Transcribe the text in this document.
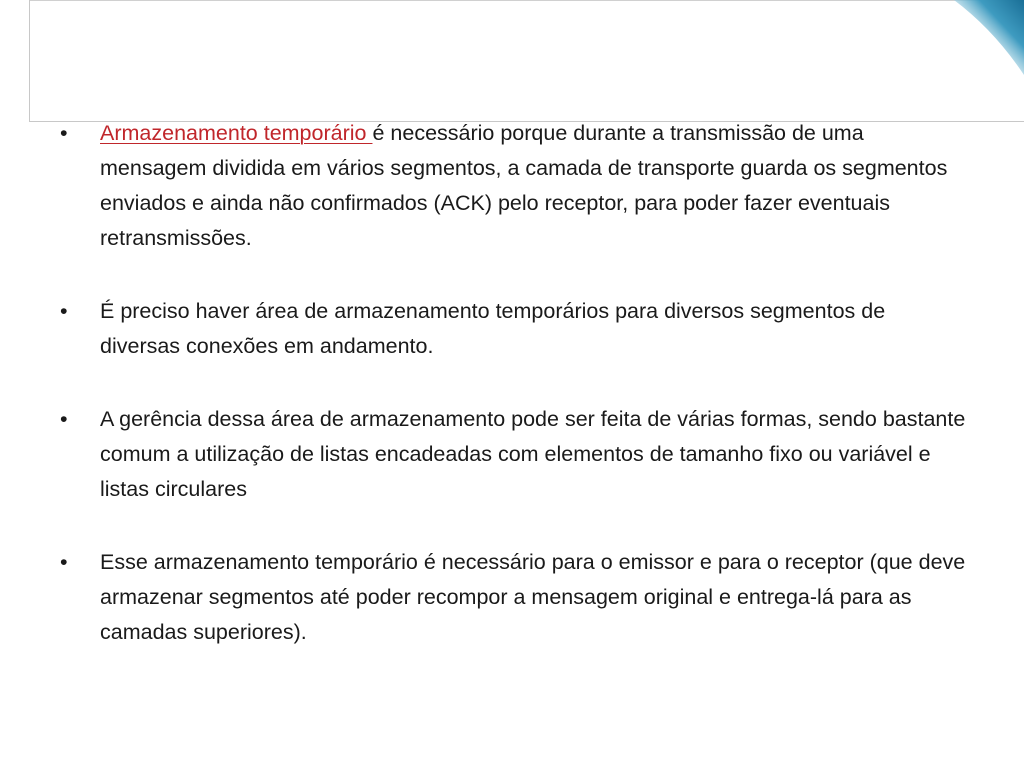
•	Armazenamento temporário é necessário porque durante a transmissão de uma mensagem dividida em vários segmentos, a camada de transporte guarda os segmentos enviados e ainda não confirmados (ACK) pelo receptor, para poder fazer eventuais retransmissões.
•	É preciso haver área de armazenamento temporários para diversos segmentos de diversas conexões em andamento.
•	A gerência dessa área de armazenamento pode ser feita de várias formas, sendo bastante comum a utilização de listas encadeadas com elementos de tamanho fixo ou variável e listas circulares
•	Esse armazenamento temporário é necessário para o emissor e para o receptor (que deve armazenar segmentos até poder recompor a mensagem original e entrega-lá para as camadas superiores).
